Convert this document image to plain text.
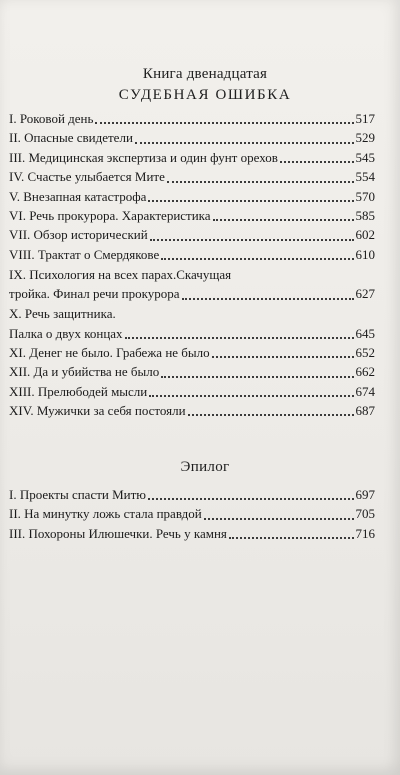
Книга двенадцатая
СУДЕБНАЯ ОШИБКА
I. Роковой день	517
II. Опасные свидетели	529
III. Медицинская экспертиза и один фунт орехов	545
IV. Счастье улыбается Мите	554
V. Внезапная катастрофа	570
VI. Речь прокурора. Характеристика	585
VII. Обзор исторический	602
VIII. Трактат о Смердякове	610
IX. Психология на всех парах.Скачущая
тройка. Финал речи прокурора	627
X. Речь защитника.
Палка о двух концах	645
XI. Денег не было. Грабежа не было	652
XII. Да и убийства не было	662
XIII. Прелюбодей мысли	674
XIV. Мужички за себя постояли	687
Эпилог
I. Проекты спасти Митю	697
II. На минутку ложь стала правдой	705
III. Похороны Илюшечки. Речь у камня	716
